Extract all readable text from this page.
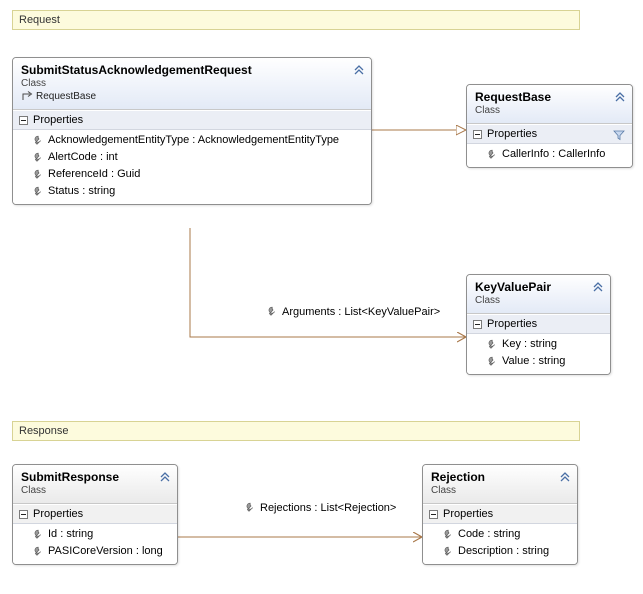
Request
SubmitStatusAcknowledgementRequest
Class
RequestBase
Properties
AcknowledgementEntityType : AcknowledgementEntityType
AlertCode : int
ReferenceId : Guid
Status : string
RequestBase
Class
Properties
CallerInfo : CallerInfo
KeyValuePair
Class
Properties
Key : string
Value : string
Arguments : List<KeyValuePair>
Response
SubmitResponse
Class
Properties
Id : string
PASICoreVersion : long
Rejection
Class
Properties
Code : string
Description : string
Rejections : List<Rejection>
